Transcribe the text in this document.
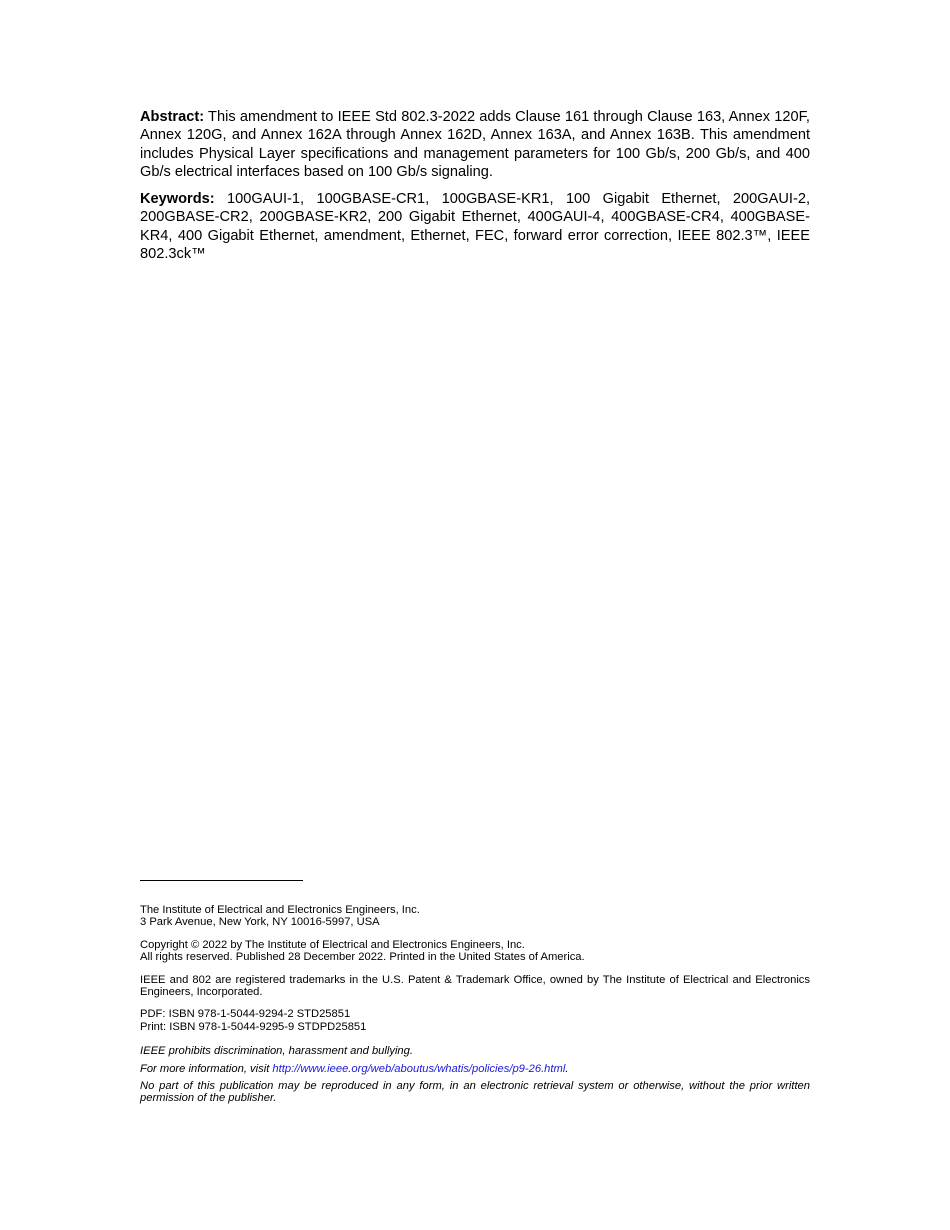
Abstract: This amendment to IEEE Std 802.3-2022 adds Clause 161 through Clause 163, Annex 120F, Annex 120G, and Annex 162A through Annex 162D, Annex 163A, and Annex 163B. This amendment includes Physical Layer specifications and management parameters for 100 Gb/s, 200 Gb/s, and 400 Gb/s electrical interfaces based on 100 Gb/s signaling.

Keywords: 100GAUI-1, 100GBASE-CR1, 100GBASE-KR1, 100 Gigabit Ethernet, 200GAUI-2, 200GBASE-CR2, 200GBASE-KR2, 200 Gigabit Ethernet, 400GAUI-4, 400GBASE-CR4, 400GBASE-KR4, 400 Gigabit Ethernet, amendment, Ethernet, FEC, forward error correction, IEEE 802.3™, IEEE 802.3ck™

The Institute of Electrical and Electronics Engineers, Inc.
3 Park Avenue, New York, NY 10016-5997, USA

Copyright © 2022 by The Institute of Electrical and Electronics Engineers, Inc.
All rights reserved. Published 28 December 2022. Printed in the United States of America.

IEEE and 802 are registered trademarks in the U.S. Patent & Trademark Office, owned by The Institute of Electrical and Electronics Engineers, Incorporated.

PDF: ISBN 978-1-5044-9294-2 STD25851
Print: ISBN 978-1-5044-9295-9 STDPD25851

IEEE prohibits discrimination, harassment and bullying.

For more information, visit http://www.ieee.org/web/aboutus/whatis/policies/p9-26.html.

No part of this publication may be reproduced in any form, in an electronic retrieval system or otherwise, without the prior written permission of the publisher.
